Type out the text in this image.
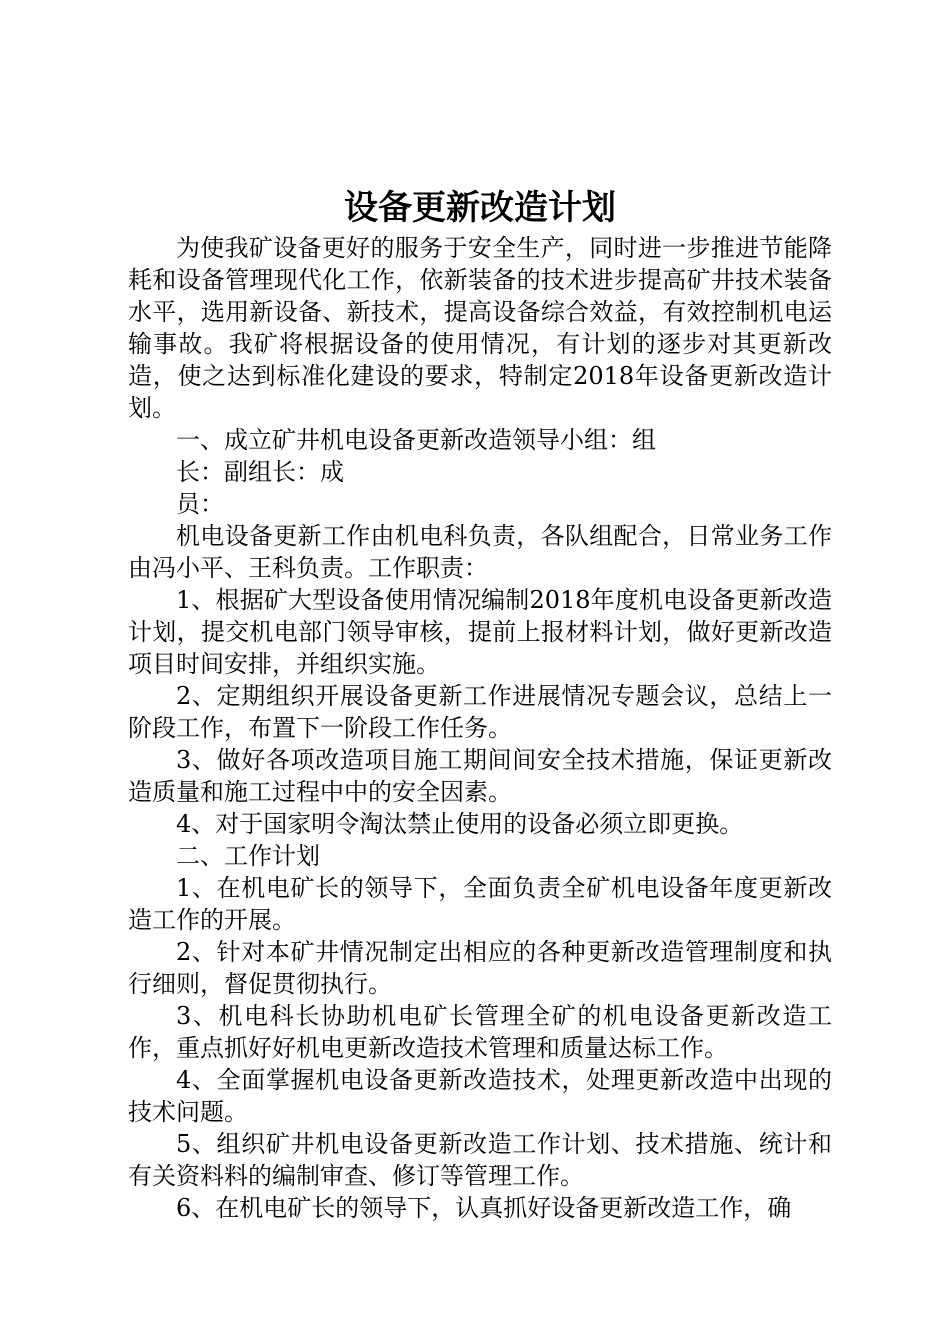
设备更新改造计划

为使我矿设备更好的服务于安全生产，同时进一步推进节能降耗和设备管理现代化工作，依新装备的技术进步提高矿井技术装备水平，选用新设备、新技术，提高设备综合效益，有效控制机电运输事故。我矿将根据设备的使用情况，有计划的逐步对其更新改造，使之达到标准化建设的要求，特制定2018年设备更新改造计划。

一、成立矿井机电设备更新改造领导小组：组

长：副组长：成

员：

机电设备更新工作由机电科负责，各队组配合，日常业务工作由冯小平、王科负责。工作职责：

1、根据矿大型设备使用情况编制2018年度机电设备更新改造计划，提交机电部门领导审核，提前上报材料计划，做好更新改造项目时间安排，并组织实施。

2、定期组织开展设备更新工作进展情况专题会议，总结上一阶段工作，布置下一阶段工作任务。

3、做好各项改造项目施工期间间安全技术措施，保证更新改造质量和施工过程中中的安全因素。

4、对于国家明令淘汰禁止使用的设备必须立即更换。

二、工作计划

1、在机电矿长的领导下，全面负责全矿机电设备年度更新改造工作的开展。

2、针对本矿井情况制定出相应的各种更新改造管理制度和执行细则，督促贯彻执行。

3、机电科长协助机电矿长管理全矿的机电设备更新改造工作，重点抓好好机电更新改造技术管理和质量达标工作。

4、全面掌握机电设备更新改造技术，处理更新改造中出现的技术问题。

5、组织矿井机电设备更新改造工作计划、技术措施、统计和有关资料料的编制审查、修订等管理工作。

6、在机电矿长的领导下，认真抓好设备更新改造工作，确
